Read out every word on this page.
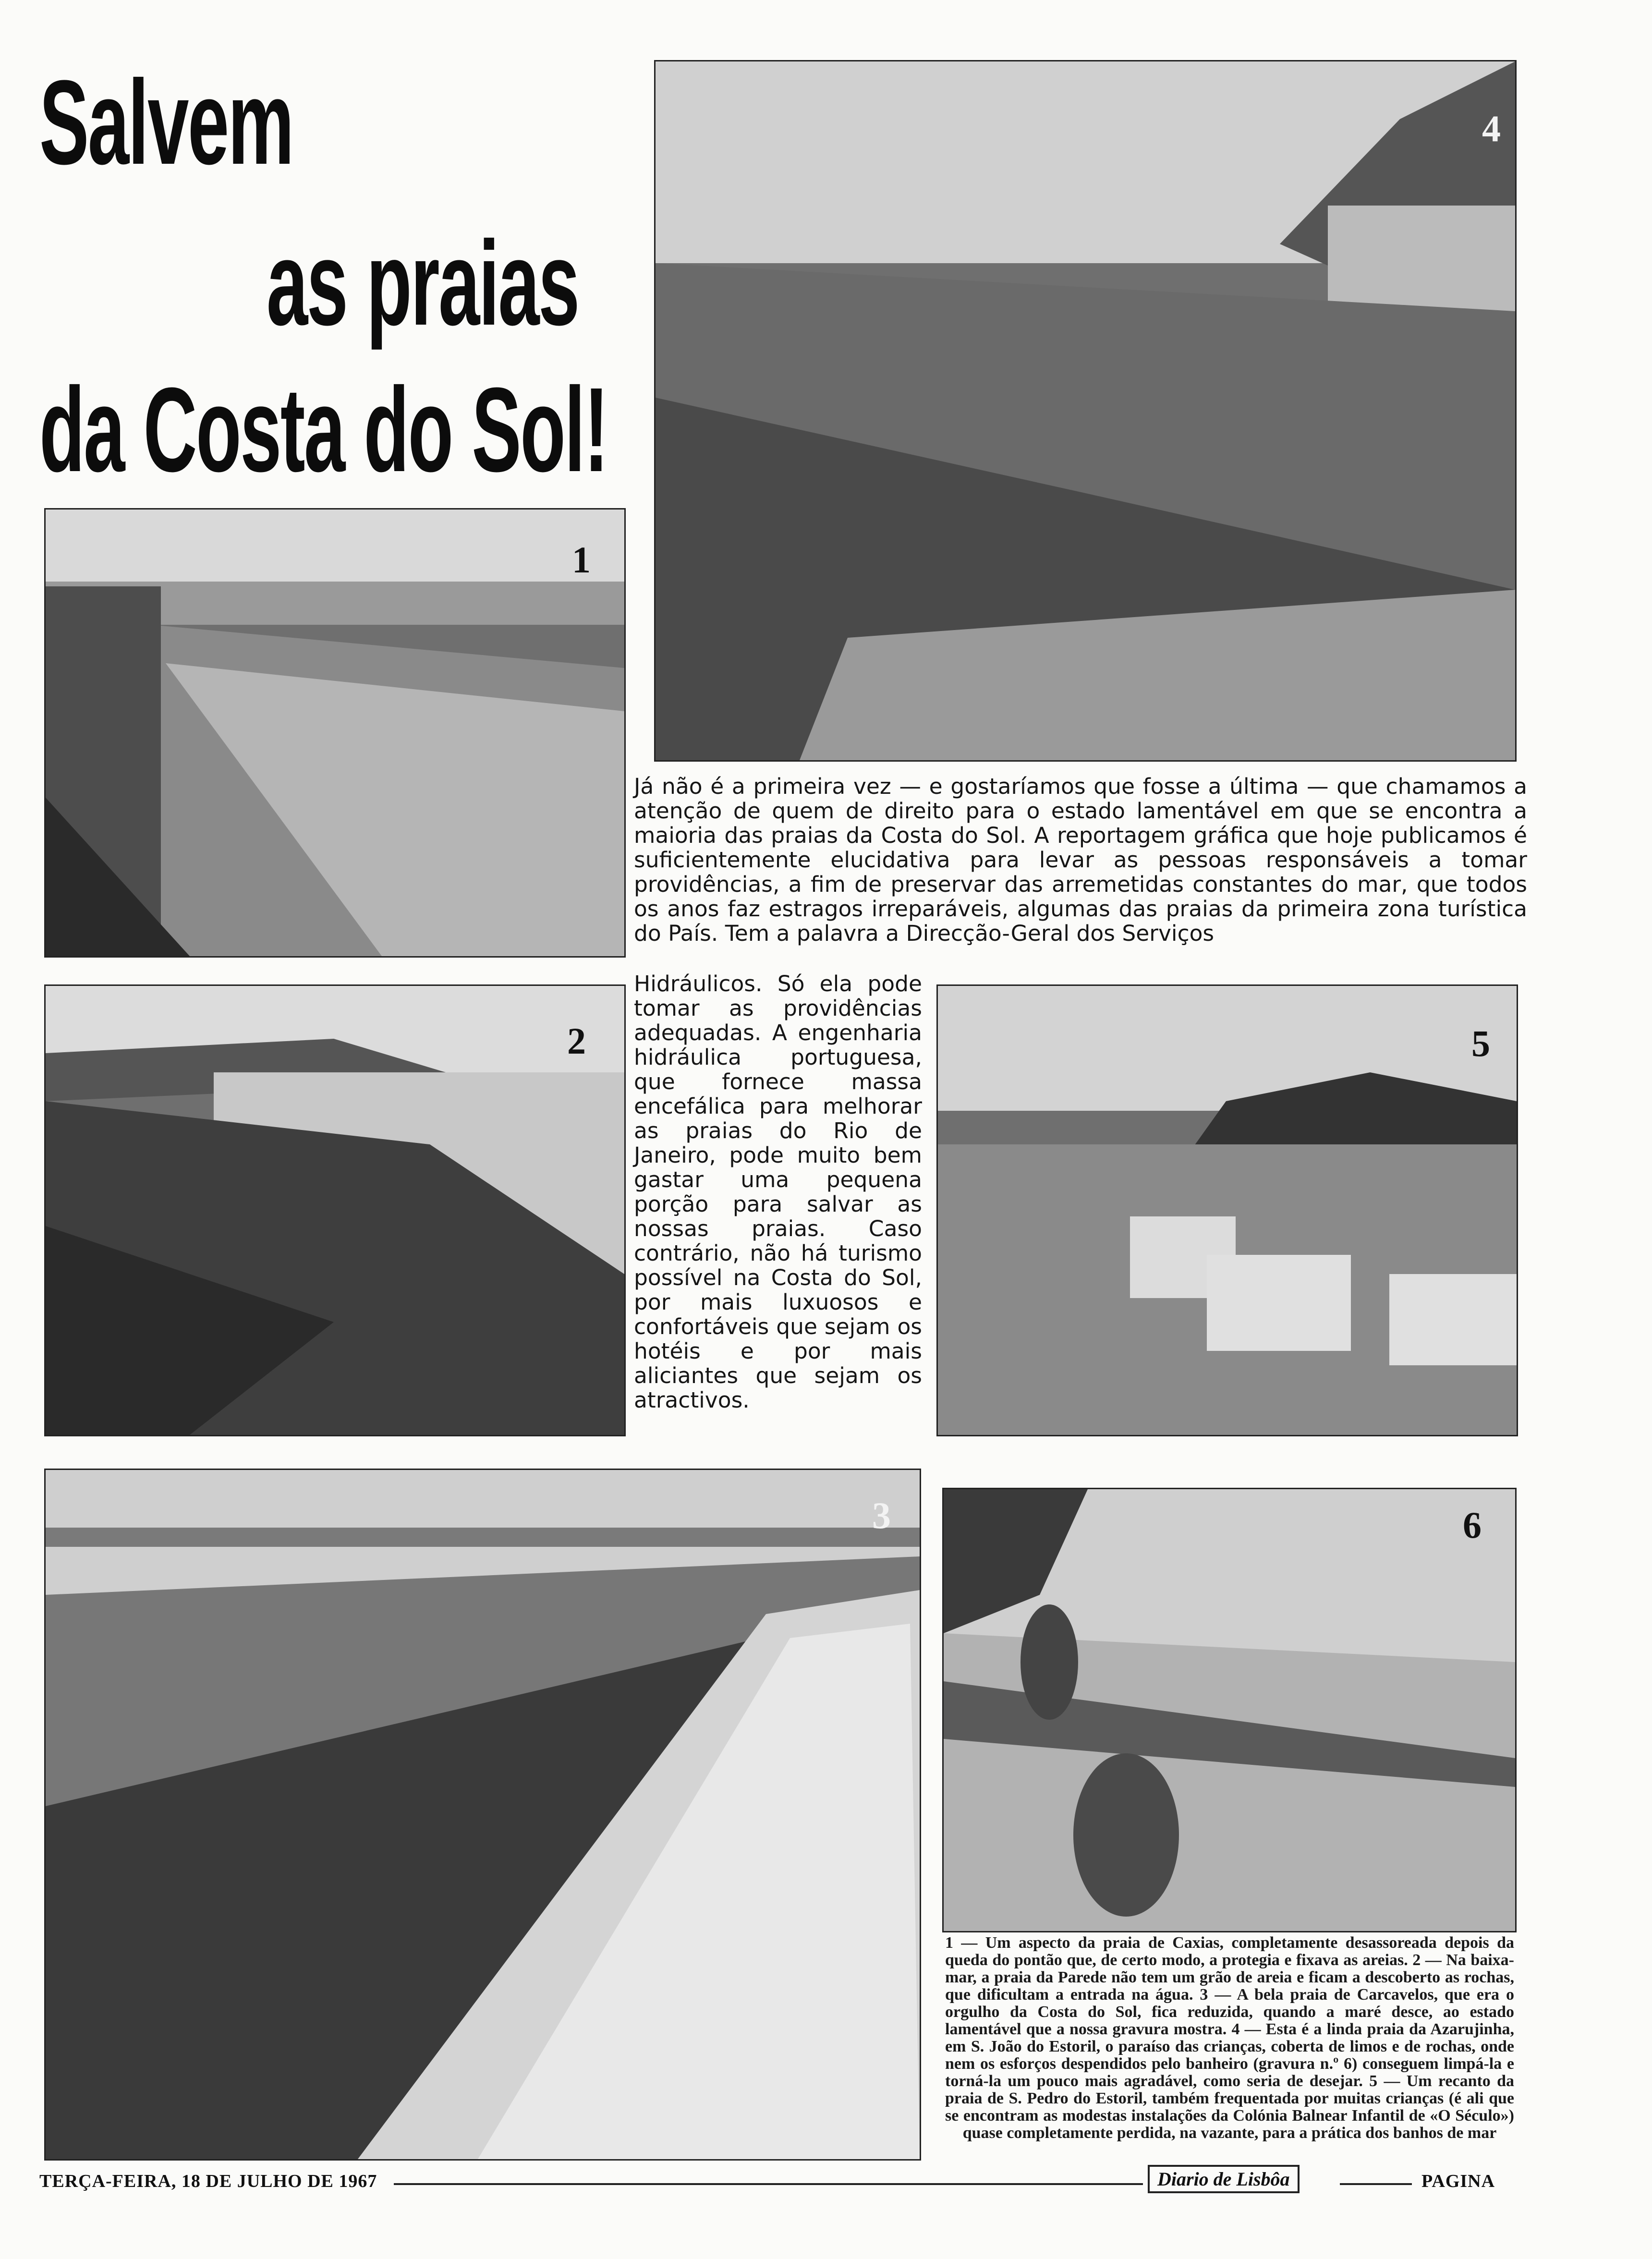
Salvem
as praias
da Costa do Sol!
1
2
3
4
5
6
Já não é a primeira vez — e gostaríamos que fosse a última — que chamamos a atenção de quem de direito para o estado lamentável em que se encontra a maioria das praias da Costa do Sol. A reportagem gráfica que hoje publicamos é suficientemente elucidativa para levar as pessoas responsáveis a tomar providências, a fim de preservar das arremetidas constantes do mar, que todos os anos faz estragos irreparáveis, algumas das praias da primeira zona turística do País. Tem a palavra a Direcção-Geral dos Serviços
Hidráulicos. Só ela pode tomar as providências adequadas. A engenharia hidráulica portuguesa, que fornece massa encefálica para melhorar as praias do Rio de Janeiro, pode muito bem gastar uma pequena porção para salvar as nossas praias. Caso contrário, não há turismo possível na Costa do Sol, por mais luxuosos e confortáveis que sejam os hotéis e por mais aliciantes que sejam os atractivos.
1 — Um aspecto da praia de Caxias, completamente desassoreada depois da queda do pontão que, de certo modo, a protegia e fixava as areias. 2 — Na baixa-mar, a praia da Parede não tem um grão de areia e ficam a descoberto as rochas, que dificultam a entrada na água. 3 — A bela praia de Carcavelos, que era o orgulho da Costa do Sol, fica reduzida, quando a maré desce, ao estado lamentável que a nossa gravura mostra. 4 — Esta é a linda praia da Azarujinha, em S. João do Estoril, o paraíso das crianças, coberta de limos e de rochas, onde nem os esforços despendidos pelo banheiro (gravura n.º 6) conseguem limpá-la e torná-la um pouco mais agradável, como seria de desejar. 5 — Um recanto da praia de S. Pedro do Estoril, também frequentada por muitas crianças (é ali que se encontram as modestas instalações da Colónia Balnear Infantil de «O Século») quase completamente perdida, na vazante, para a prática dos banhos de mar
TERÇA-FEIRA, 18 DE JULHO DE 1967	Diario de Lisbôa	PAGINA
